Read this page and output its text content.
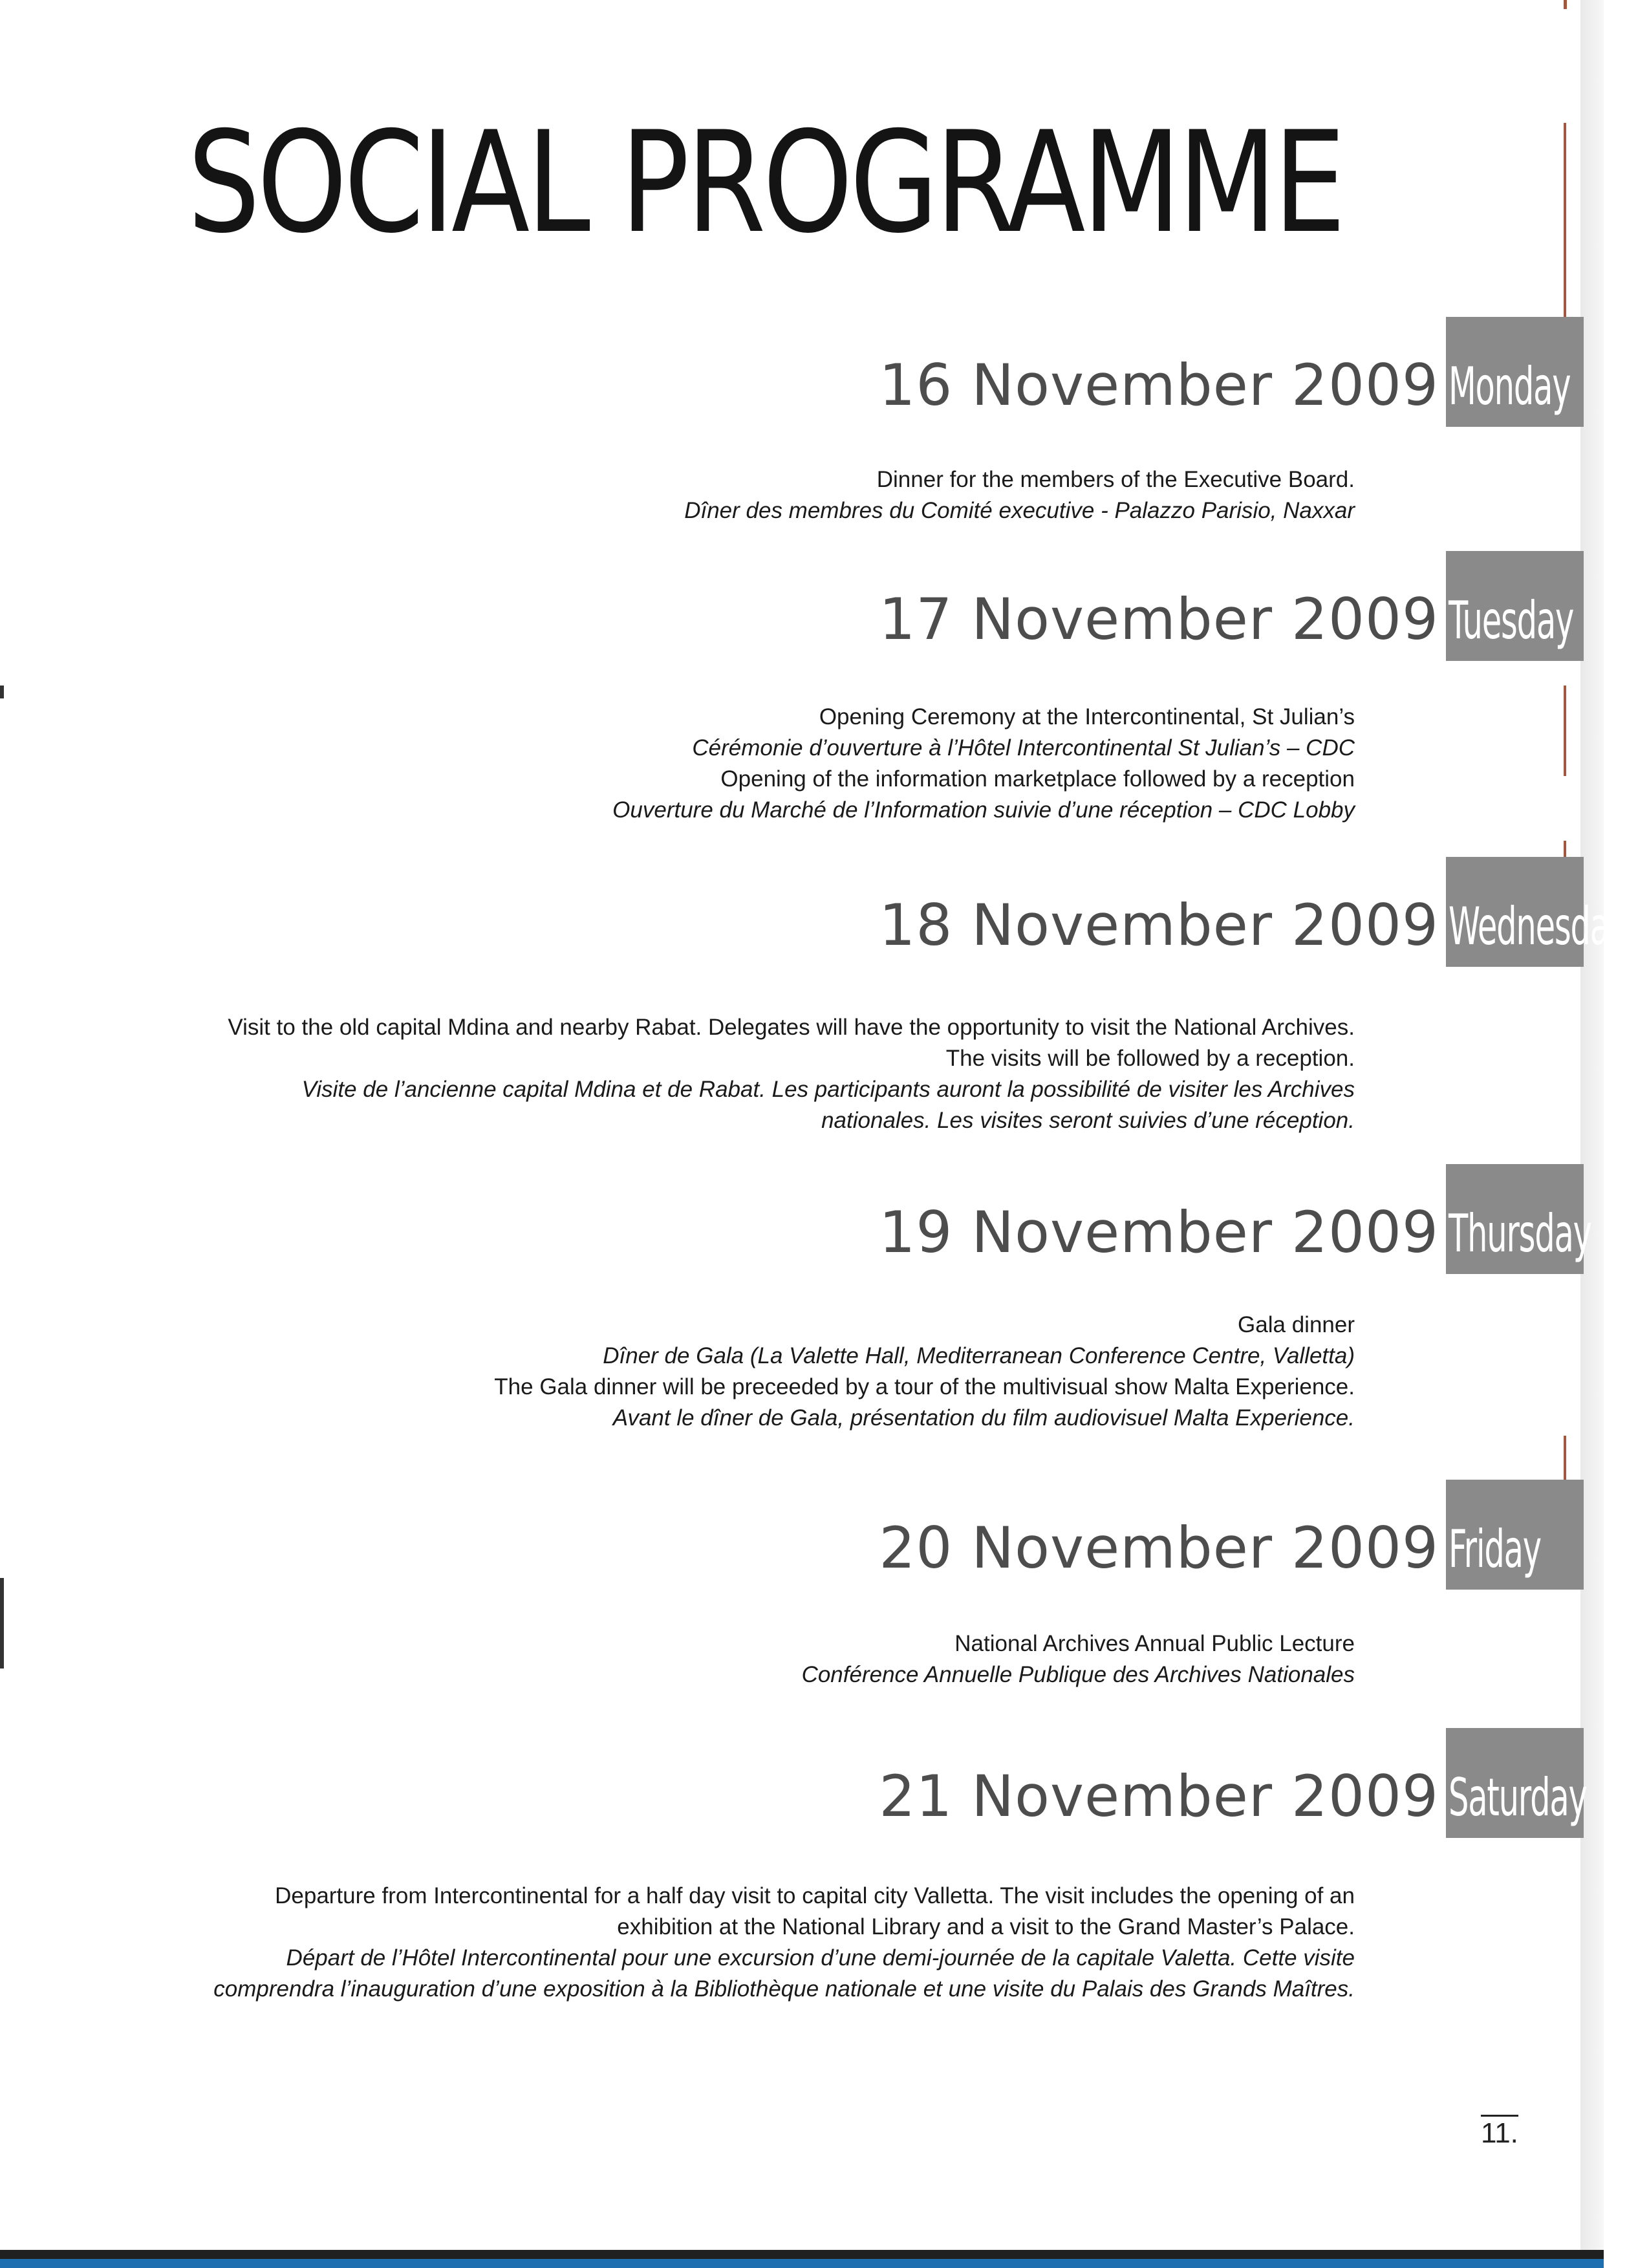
SOCIAL PROGRAMME
16 November 2009 Monday

Dinner for the members of the Executive Board.

Dîner des membres du Comité executive - Palazzo Parisio, Naxxar

17 November 2009 Tuesday

Opening Ceremony at the Intercontinental, St Julian’s

Cérémonie d’ouverture à l’Hôtel Intercontinental St Julian’s – CDC

Opening of the information marketplace followed by a reception

Ouverture du Marché de l’Information suivie d’une réception – CDC Lobby

18 November 2009 Wednesday

Visit to the old capital Mdina and nearby Rabat. Delegates will have the opportunity to visit the National Archives. The visits will be followed by a reception.

Visite de l’ancienne capital Mdina et de Rabat. Les participants auront la possibilité de visiter les Archives nationales. Les visites seront suivies d’une réception.

19 November 2009 Thursday

Gala dinner

Dîner de Gala (La Valette Hall, Mediterranean Conference Centre, Valletta)

The Gala dinner will be preceeded by a tour of the multivisual show Malta Experience.

Avant le dîner de Gala, présentation du film audiovisuel Malta Experience.

20 November 2009 Friday

National Archives Annual Public Lecture

Conférence Annuelle Publique des Archives Nationales

21 November 2009 Saturday

Departure from Intercontinental for a half day visit to capital city Valletta. The visit includes the opening of an exhibition at the National Library and a visit to the Grand Master’s Palace.

Départ de l’Hôtel Intercontinental pour une excursion d’une demi-journée de la capitale Valetta. Cette visite comprendra l’inauguration d’une exposition à la Bibliothèque nationale et une visite du Palais des Grands Maîtres.

11.
